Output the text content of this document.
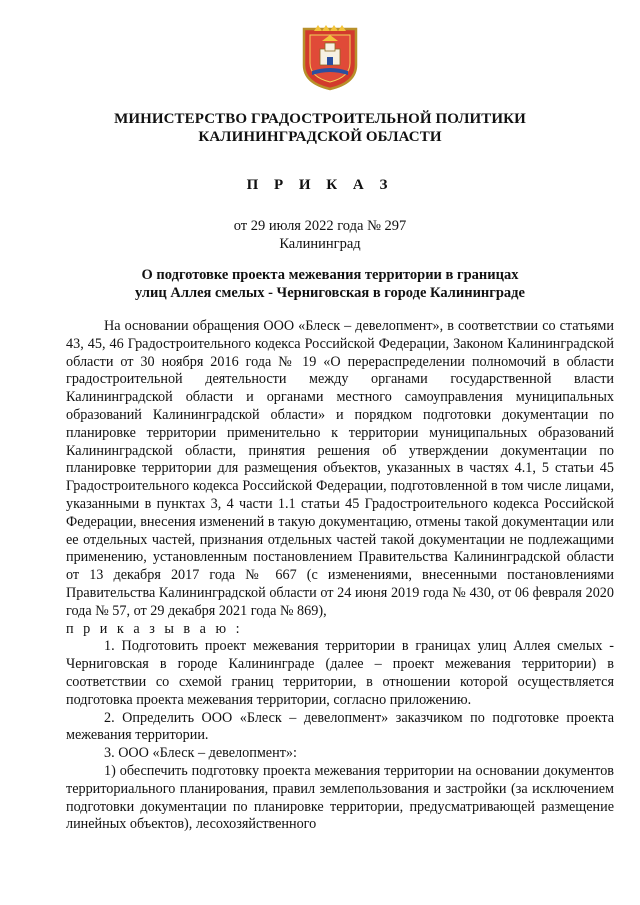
МИНИСТЕРСТВО ГРАДОСТРОИТЕЛЬНОЙ ПОЛИТИКИ
КАЛИНИНГРАДСКОЙ ОБЛАСТИ
П Р И К А З
от 29 июля 2022 года № 297
Калининград
О подготовке проекта межевания территории в границах
улиц Аллея смелых - Черниговская в городе Калининграде

На основании обращения ООО «Блеск – девелопмент», в соответствии со статьями 43, 45, 46 Градостроительного кодекса Российской Федерации, Законом Калининградской области от 30 ноября 2016 года № 19 «О перераспределении полномочий в области градостроительной деятельности между органами государственной власти Калининградской области и органами местного самоуправления муниципальных образований Калининградской области» и порядком подготовки документации по планировке территории применительно к территории муниципальных образований Калининградской области, принятия решения об утверждении документации по планировке территории для размещения объектов, указанных в частях 4.1, 5 статьи 45 Градостроительного кодекса Российской Федерации, подготовленной в том числе лицами, указанными в пунктах 3, 4 части 1.1 статьи 45 Градостроительного кодекса Российской Федерации, внесения изменений в такую документацию, отмены такой документации или ее отдельных частей, признания отдельных частей такой документации не подлежащими применению, установленным постановлением Правительства Калининградской области от 13 декабря 2017 года № 667 (с изменениями, внесенными постановлениями Правительства Калининградской области от 24 июня 2019 года № 430, от 06 февраля 2020 года № 57, от 29 декабря 2021 года № 869),

п р и к а з ы в а ю :

1. Подготовить проект межевания территории в границах улиц Аллея смелых - Черниговская в городе Калининграде (далее – проект межевания территории) в соответствии со схемой границ территории, в отношении которой осуществляется подготовка проекта межевания территории, согласно приложению.

2. Определить ООО «Блеск – девелопмент» заказчиком по подготовке проекта межевания территории.

3. ООО «Блеск – девелопмент»:

1) обеспечить подготовку проекта межевания территории на основании документов территориального планирования, правил землепользования и застройки (за исключением подготовки документации по планировке территории, предусматривающей размещение линейных объектов), лесохозяйственного
